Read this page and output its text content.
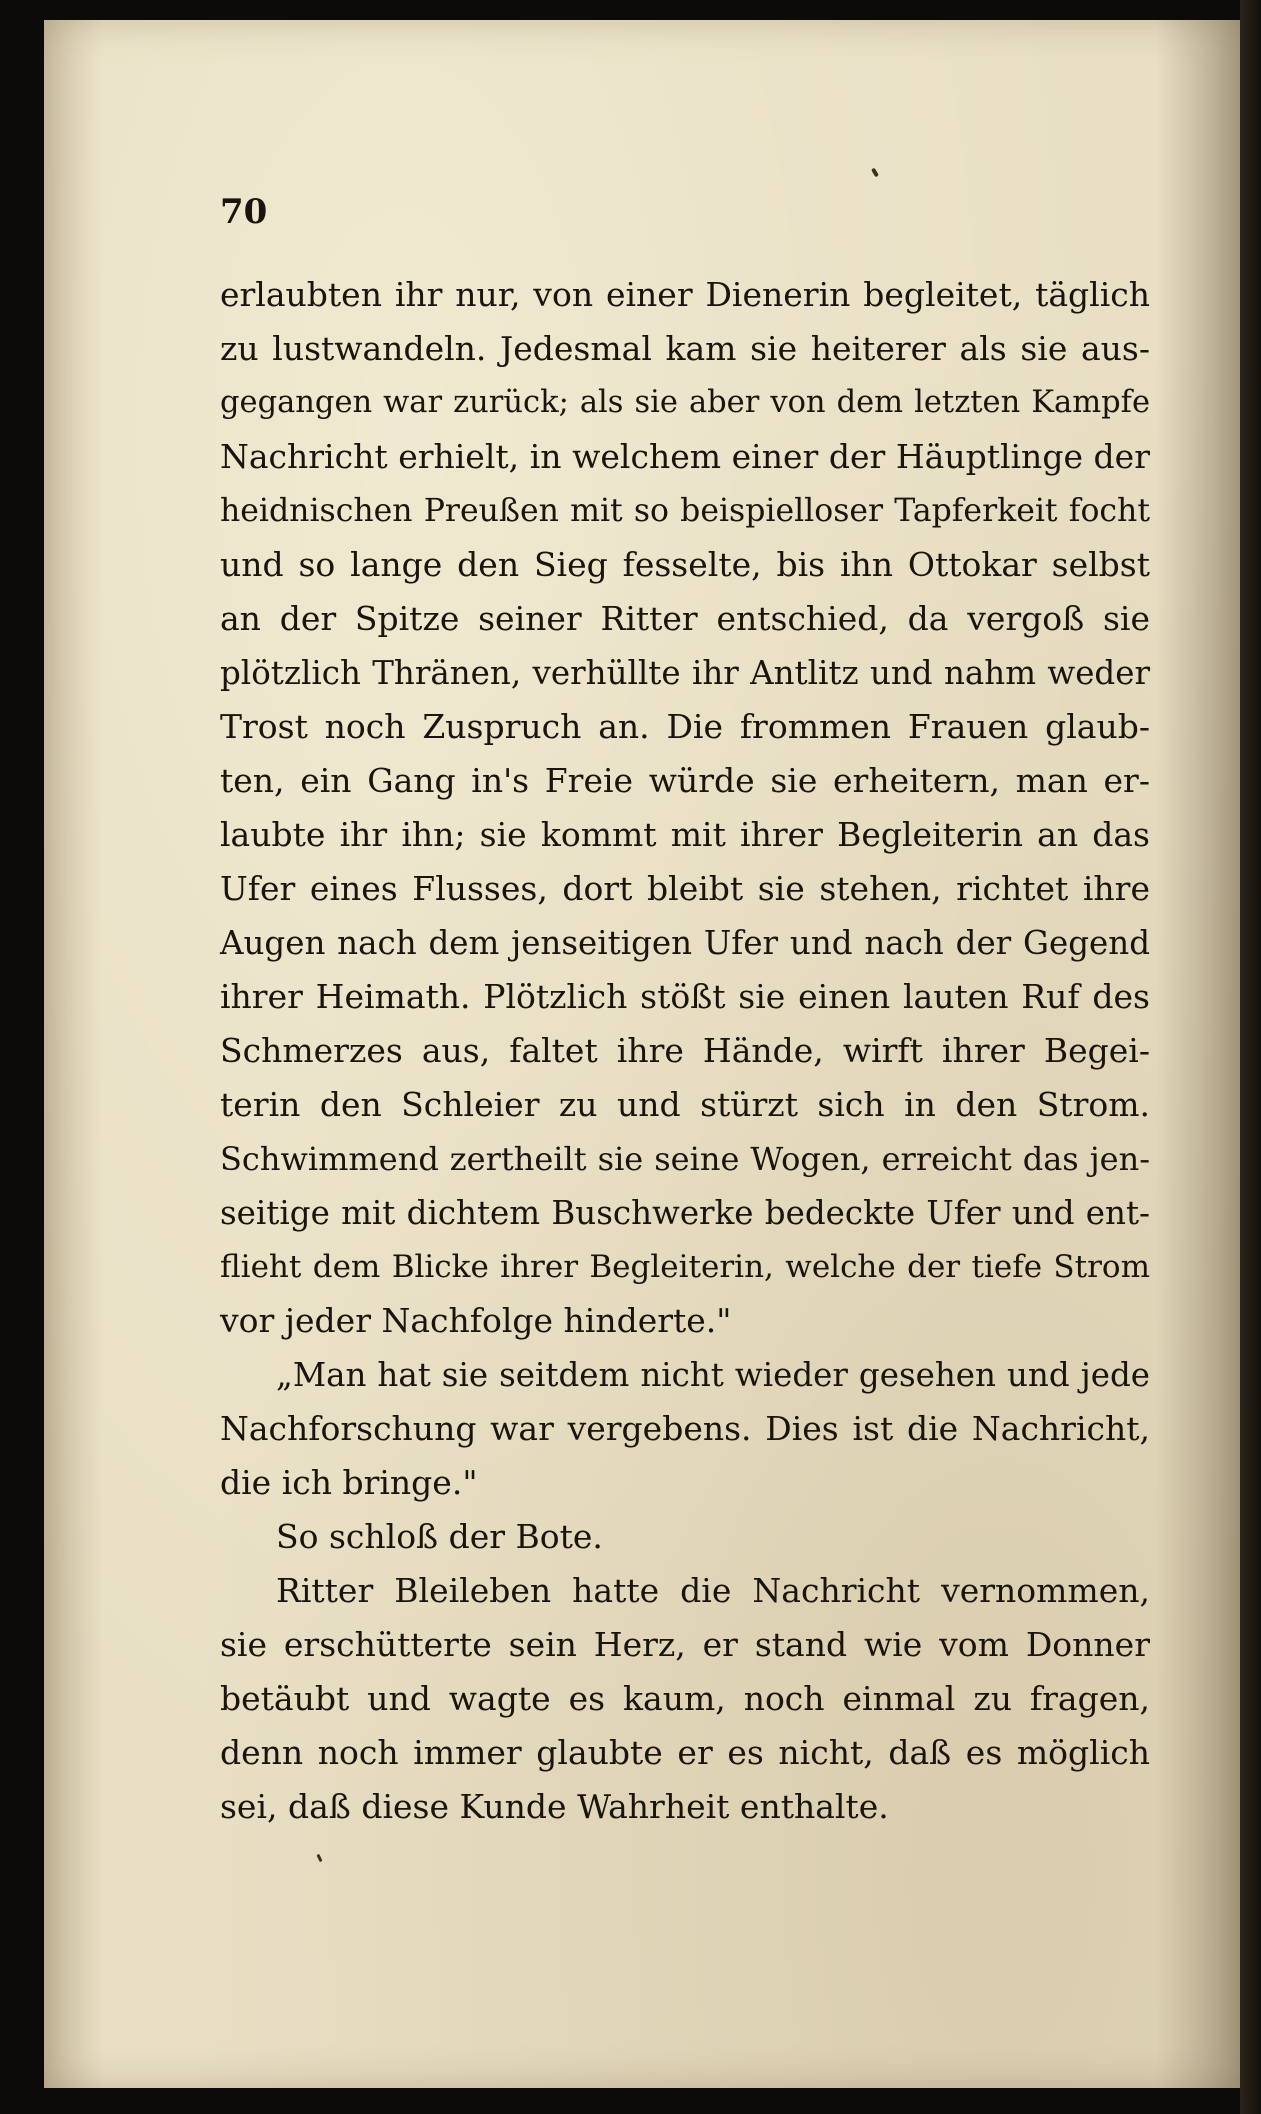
70
erlaubten ihr nur, von einer Dienerin begleitet, täglich
zu lustwandeln. Jedesmal kam sie heiterer als sie aus-
gegangen war zurück; als sie aber von dem letzten Kampfe
Nachricht erhielt, in welchem einer der Häuptlinge der
heidnischen Preußen mit so beispielloser Tapferkeit focht
und so lange den Sieg fesselte, bis ihn Ottokar selbst
an der Spitze seiner Ritter entschied, da vergoß sie
plötzlich Thränen, verhüllte ihr Antlitz und nahm weder
Trost noch Zuspruch an. Die frommen Frauen glaub-
ten, ein Gang in's Freie würde sie erheitern, man er-
laubte ihr ihn; sie kommt mit ihrer Begleiterin an das
Ufer eines Flusses, dort bleibt sie stehen, richtet ihre
Augen nach dem jenseitigen Ufer und nach der Gegend
ihrer Heimath. Plötzlich stößt sie einen lauten Ruf des
Schmerzes aus, faltet ihre Hände, wirft ihrer Begei-
terin den Schleier zu und stürzt sich in den Strom.
Schwimmend zertheilt sie seine Wogen, erreicht das jen-
seitige mit dichtem Buschwerke bedeckte Ufer und ent-
flieht dem Blicke ihrer Begleiterin, welche der tiefe Strom
vor jeder Nachfolge hinderte."
„Man hat sie seitdem nicht wieder gesehen und jede
Nachforschung war vergebens. Dies ist die Nachricht,
die ich bringe."
So schloß der Bote.
Ritter Bleileben hatte die Nachricht vernommen,
sie erschütterte sein Herz, er stand wie vom Donner
betäubt und wagte es kaum, noch einmal zu fragen,
denn noch immer glaubte er es nicht, daß es möglich
sei, daß diese Kunde Wahrheit enthalte.
